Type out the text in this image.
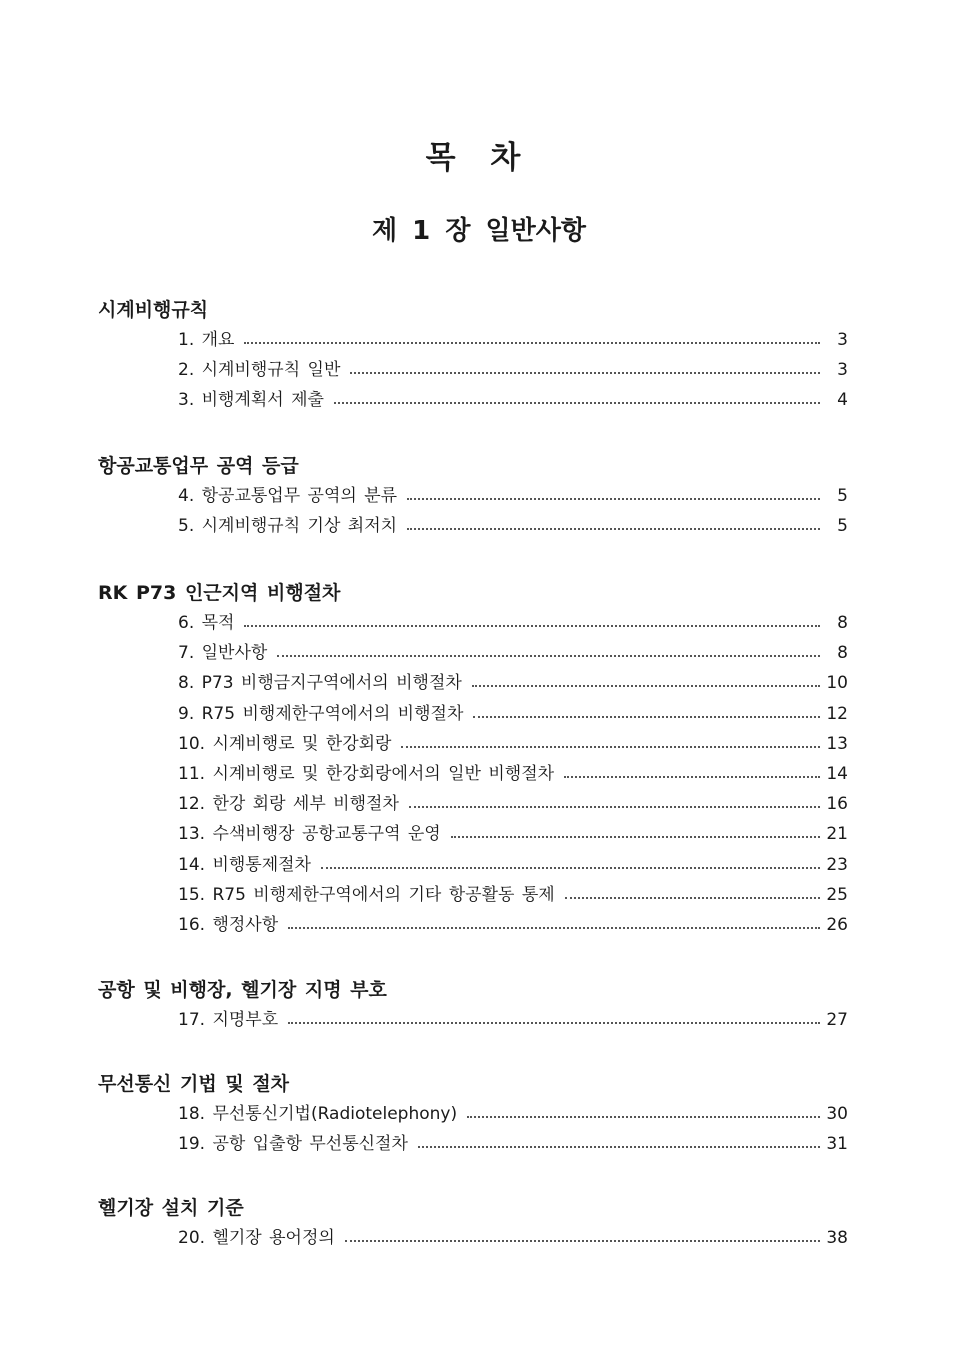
목 차
제 1 장 일반사항
시계비행규칙
1. 개요	3
2. 시계비행규칙 일반	3
3. 비행계획서 제출	4
항공교통업무 공역 등급
4. 항공교통업무 공역의 분류	5
5. 시계비행규칙 기상 최저치	5
RK P73 인근지역 비행절차
6. 목적	8
7. 일반사항	8
8. P73 비행금지구역에서의 비행절차	10
9. R75 비행제한구역에서의 비행절차	12
10. 시계비행로 및 한강회랑	13
11. 시계비행로 및 한강회랑에서의 일반 비행절차	14
12. 한강 회랑 세부 비행절차	16
13. 수색비행장 공항교통구역 운영	21
14. 비행통제절차	23
15. R75 비행제한구역에서의 기타 항공활동 통제	25
16. 행정사항	26
공항 및 비행장, 헬기장 지명 부호
17. 지명부호	27
무선통신 기법 및 절차
18. 무선통신기법(Radiotelephony)	30
19. 공항 입출항 무선통신절차	31
헬기장 설치 기준
20. 헬기장 용어정의	38
